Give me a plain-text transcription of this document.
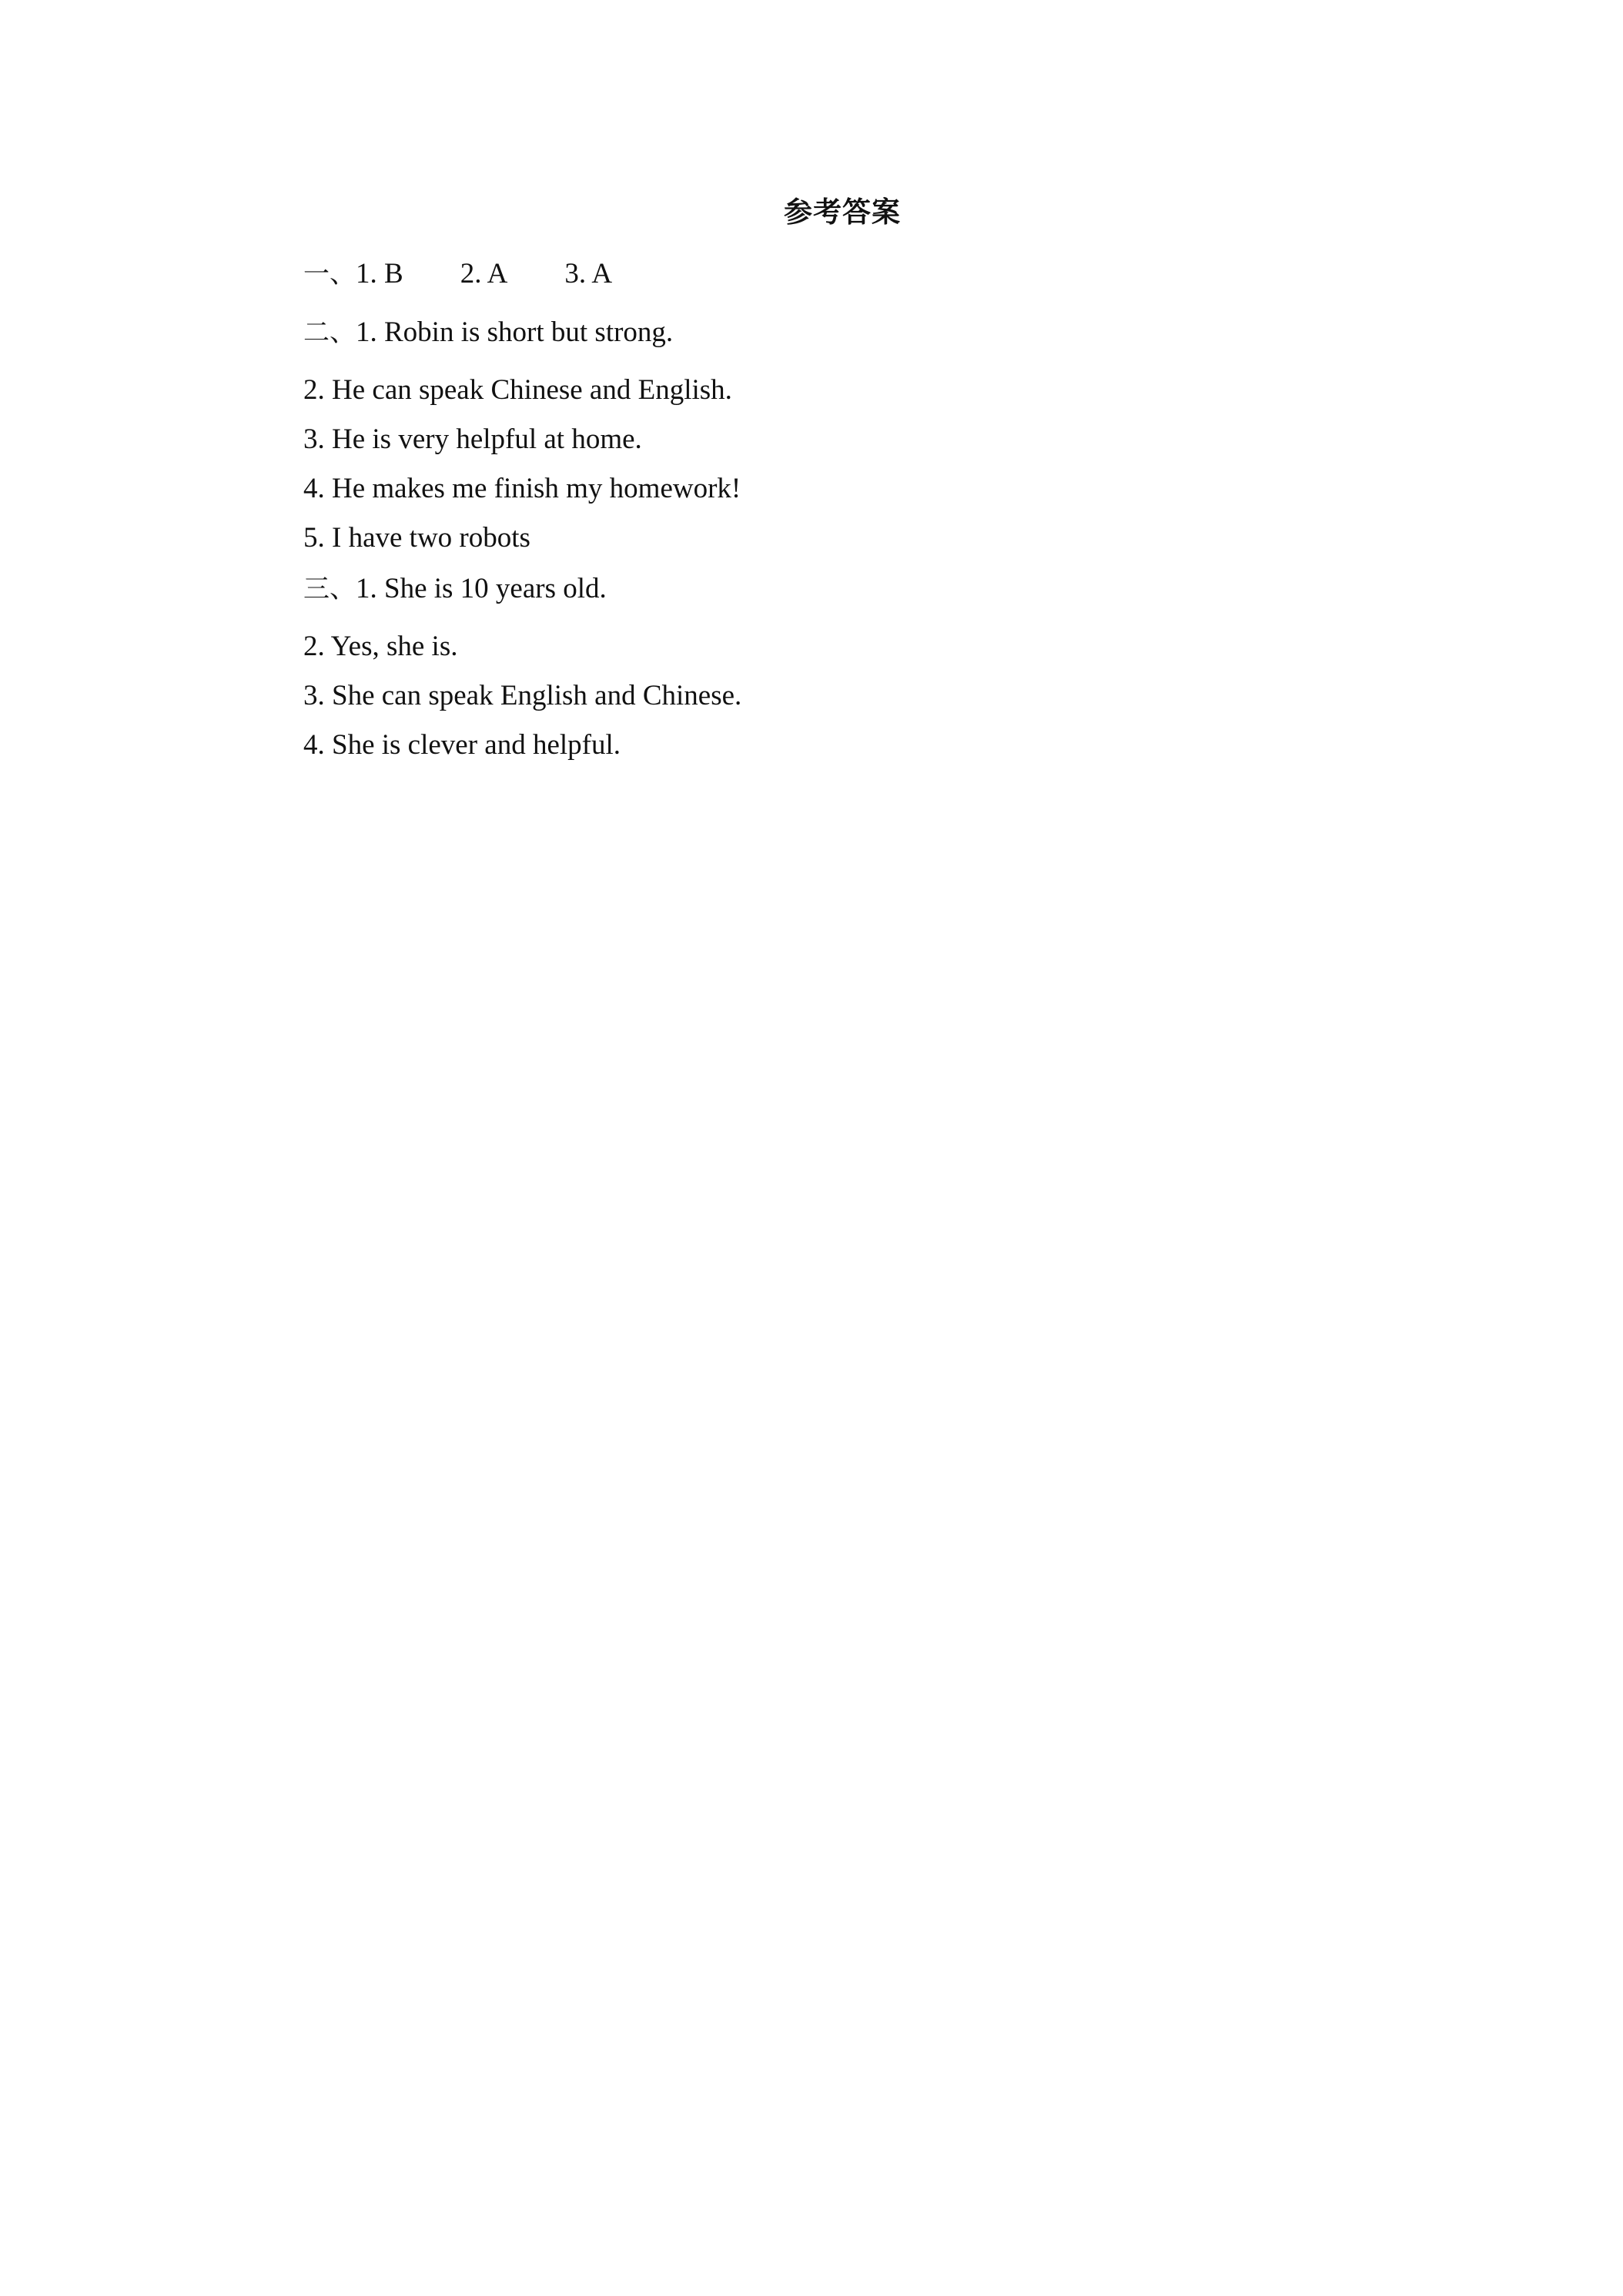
参考答案
一、1. B 2. A 3. A
二、1. Robin is short but strong.
2. He can speak Chinese and English.
3. He is very helpful at home.
4. He makes me finish my homework!
5. I have two robots
三、1. She is 10 years old.
2. Yes, she is.
3. She can speak English and Chinese.
4. She is clever and helpful.
